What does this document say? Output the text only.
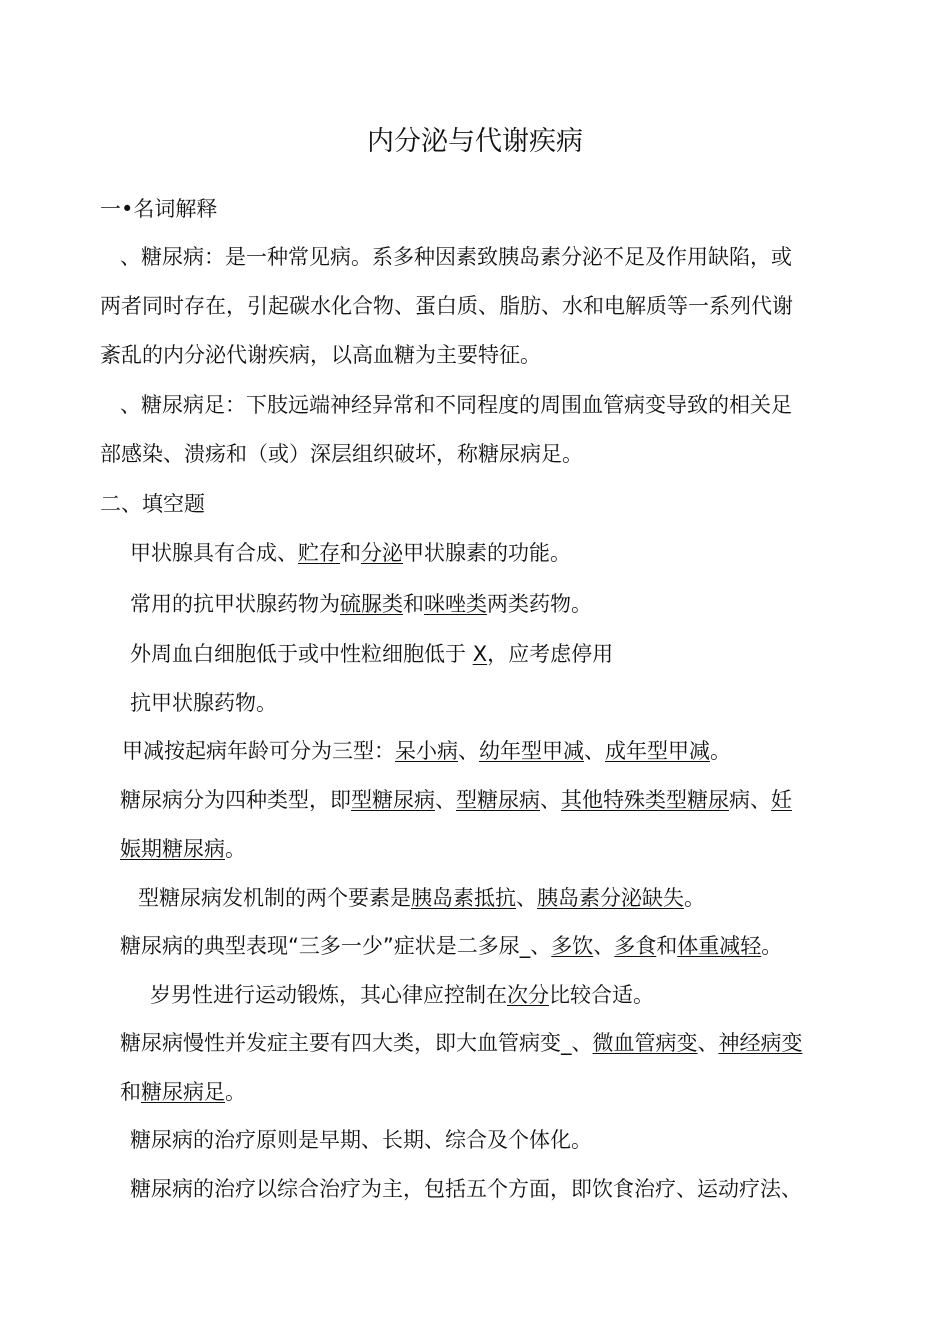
内分泌与代谢疾病
一•名词解释
、糖尿病：是一种常见病。系多种因素致胰岛素分泌不足及作用缺陷，或
两者同时存在，引起碳水化合物、蛋白质、脂肪、水和电解质等一系列代谢
紊乱的内分泌代谢疾病，以高血糖为主要特征。
、糖尿病足：下肢远端神经异常和不同程度的周围血管病变导致的相关足
部感染、溃疡和（或）深层组织破坏，称糖尿病足。
二、填空题
甲状腺具有合成、贮存和分泌甲状腺素的功能。
常用的抗甲状腺药物为硫脲类和咪唑类两类药物。
外周血白细胞低于或中性粒细胞低于 X，应考虑停用
抗甲状腺药物。
甲减按起病年龄可分为三型：呆小病、幼年型甲减、成年型甲减。
糖尿病分为四种类型，即型糖尿病、型糖尿病、其他特殊类型糖尿病、妊
娠期糖尿病。
型糖尿病发机制的两个要素是胰岛素抵抗、胰岛素分泌缺失。
糖尿病的典型表现“三多一少”症状是二多尿_、多饮、多食和体重减轻。
岁男性进行运动锻炼，其心律应控制在次分比较合适。
糖尿病慢性并发症主要有四大类，即大血管病变_、微血管病变、神经病变
和糖尿病足。
糖尿病的治疗原则是早期、长期、综合及个体化。
糖尿病的治疗以综合治疗为主，包括五个方面，即饮食治疗、运动疗法、
